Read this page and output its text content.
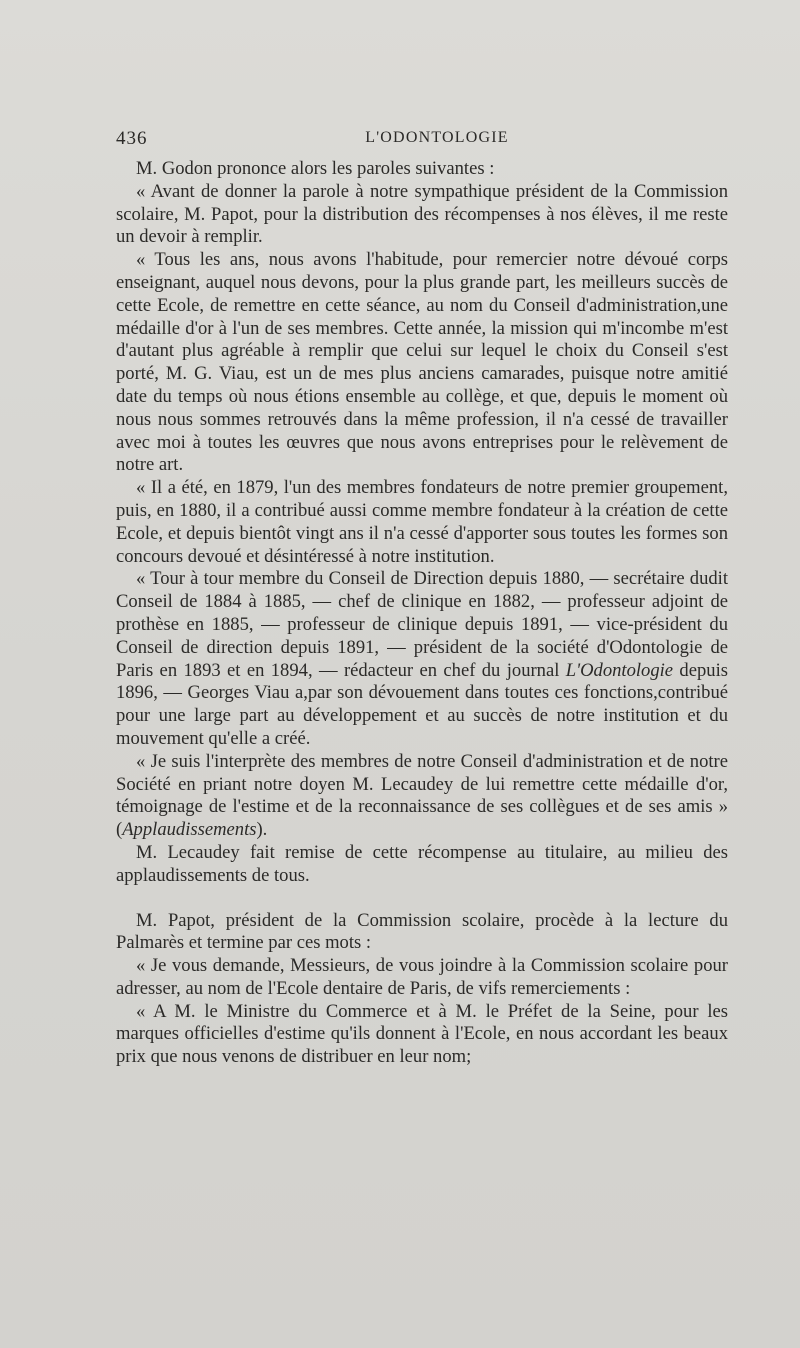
436	L'ODONTOLOGIE

M. Godon prononce alors les paroles suivantes :

« Avant de donner la parole à notre sympathique président de la Commission scolaire, M. Papot, pour la distribution des récompenses à nos élèves, il me reste un devoir à remplir.

« Tous les ans, nous avons l'habitude, pour remercier notre dévoué corps enseignant, auquel nous devons, pour la plus grande part, les meilleurs succès de cette Ecole, de remettre en cette séance, au nom du Conseil d'administration,une médaille d'or à l'un de ses membres. Cette année, la mission qui m'incombe m'est d'autant plus agréable à remplir que celui sur lequel le choix du Conseil s'est porté, M. G. Viau, est un de mes plus anciens camarades, puisque notre amitié date du temps où nous étions ensemble au collège, et que, depuis le moment où nous nous sommes retrouvés dans la même profession, il n'a cessé de travailler avec moi à toutes les œuvres que nous avons entreprises pour le relèvement de notre art.

« Il a été, en 1879, l'un des membres fondateurs de notre premier groupement, puis, en 1880, il a contribué aussi comme membre fondateur à la création de cette Ecole, et depuis bientôt vingt ans il n'a cessé d'apporter sous toutes les formes son concours devoué et désintéressé à notre institution.

« Tour à tour membre du Conseil de Direction depuis 1880, — secrétaire dudit Conseil de 1884 à 1885, — chef de clinique en 1882, — professeur adjoint de prothèse en 1885, — professeur de clinique depuis 1891, — vice-président du Conseil de direction depuis 1891, — président de la société d'Odontologie de Paris en 1893 et en 1894, — rédacteur en chef du journal L'Odontologie depuis 1896, — Georges Viau a,par son dévouement dans toutes ces fonctions,contribué pour une large part au développement et au succès de notre institution et du mouvement qu'elle a créé.

« Je suis l'interprète des membres de notre Conseil d'administration et de notre Société en priant notre doyen M. Lecaudey de lui remettre cette médaille d'or, témoignage de l'estime et de la reconnaissance de ses collègues et de ses amis » (Applaudissements).

M. Lecaudey fait remise de cette récompense au titulaire, au milieu des applaudissements de tous.

M. Papot, président de la Commission scolaire, procède à la lecture du Palmarès et termine par ces mots :

« Je vous demande, Messieurs, de vous joindre à la Commission scolaire pour adresser, au nom de l'Ecole dentaire de Paris, de vifs remerciements :

« A M. le Ministre du Commerce et à M. le Préfet de la Seine, pour les marques officielles d'estime qu'ils donnent à l'Ecole, en nous accordant les beaux prix que nous venons de distribuer en leur nom;
